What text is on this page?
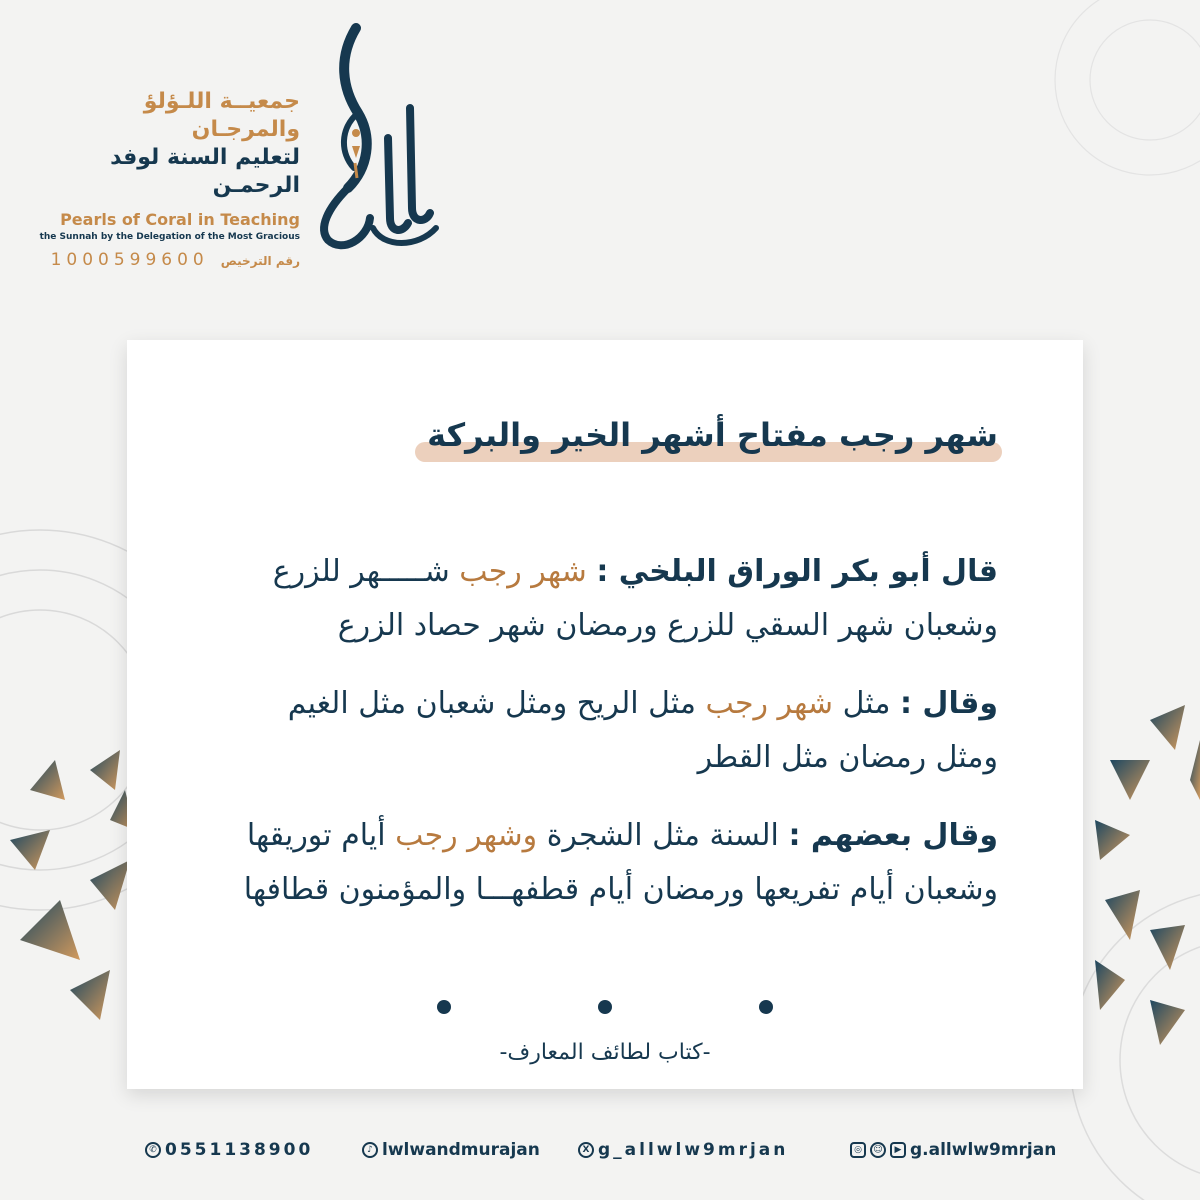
جمعيــة اللـؤلؤ والمرجـان

لتعليم السنة لوفد الرحمـن

Pearls of Coral in Teaching
the Sunnah by the Delegation of the Most Gracious
رقم الترخيص
1000599600
شهر رجب مفتاح أشهر الخير والبركة

قال أبو بكر الوراق البلخي : شهر رجب شـــــهر للزرع وشعبان شهر السقي للزرع ورمضان شهر حصاد الزرع

وقال : مثل شهر رجب مثل الريح ومثل شعبان مثل الغيم ومثل رمضان مثل القطر

وقال بعضهم : السنة مثل الشجرة وشهر رجب أيام توريقها وشعبان أيام تفريعها ورمضان أيام قطفهـــا والمؤمنون قطافها

-كتاب لطائف المعارف-
✆ 0551138900	♪ lwlwandmurajan	X g_allwlw9mrjan	◎	☺	▶ g.allwlw9mrjan
